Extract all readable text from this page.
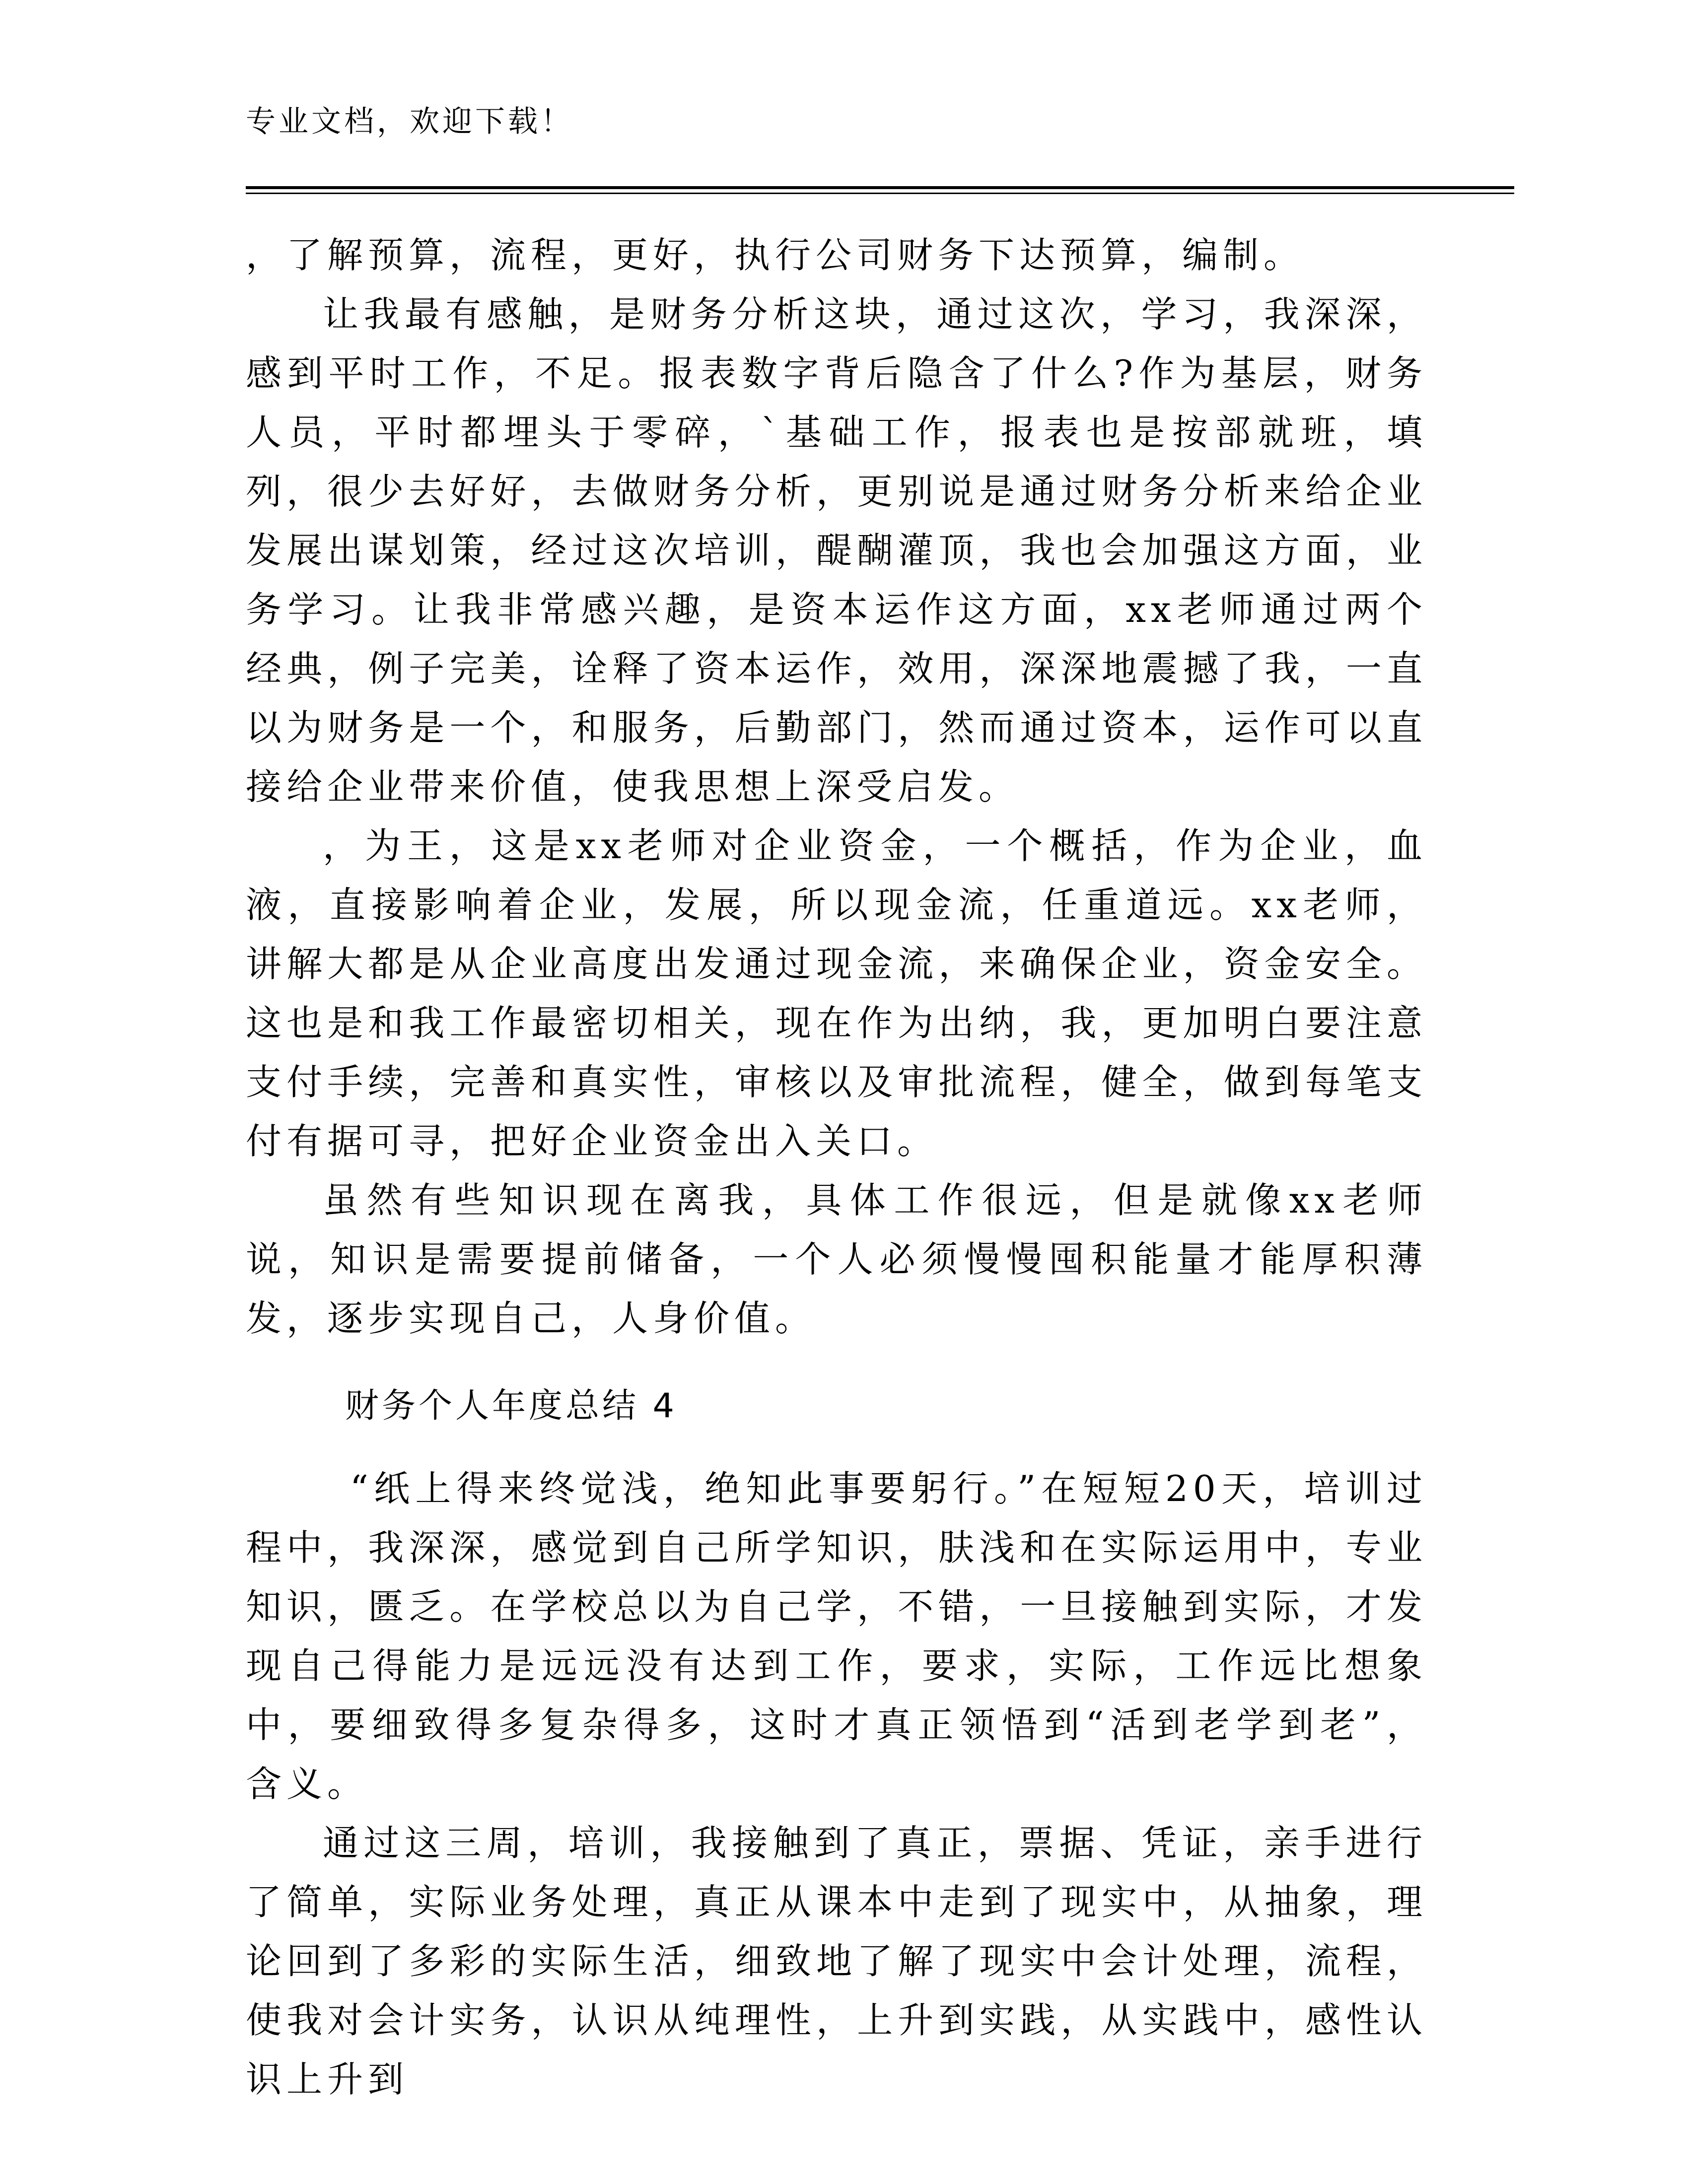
专业文档，欢迎下载！

，了解预算，流程，更好，执行公司财务下达预算，编制。

让我最有感触，是财务分析这块，通过这次，学习，我深深，感到平时工作，不足。报表数字背后隐含了什么?作为基层，财务人员，平时都埋头于零碎，`基础工作，报表也是按部就班，填列，很少去好好，去做财务分析，更别说是通过财务分析来给企业发展出谋划策，经过这次培训，醍醐灌顶，我也会加强这方面，业务学习。让我非常感兴趣，是资本运作这方面，xx老师通过两个经典，例子完美，诠释了资本运作，效用，深深地震撼了我，一直以为财务是一个，和服务，后勤部门，然而通过资本，运作可以直接给企业带来价值，使我思想上深受启发。

，为王，这是xx老师对企业资金，一个概括，作为企业，血液，直接影响着企业，发展，所以现金流，任重道远。xx老师，讲解大都是从企业高度出发通过现金流，来确保企业，资金安全。这也是和我工作最密切相关，现在作为出纳，我，更加明白要注意支付手续，完善和真实性，审核以及审批流程，健全，做到每笔支付有据可寻，把好企业资金出入关口。

虽然有些知识现在离我，具体工作很远，但是就像xx老师说，知识是需要提前储备，一个人必须慢慢囤积能量才能厚积薄发，逐步实现自己，人身价值。

财务个人年度总结 4

“纸上得来终觉浅，绝知此事要躬行。”在短短20天，培训过程中，我深深，感觉到自己所学知识，肤浅和在实际运用中，专业知识，匮乏。在学校总以为自己学，不错，一旦接触到实际，才发现自己得能力是远远没有达到工作，要求，实际，工作远比想象中，要细致得多复杂得多，这时才真正领悟到“活到老学到老”，含义。

通过这三周，培训，我接触到了真正，票据、凭证，亲手进行了简单，实际业务处理，真正从课本中走到了现实中，从抽象，理论回到了多彩的实际生活，细致地了解了现实中会计处理，流程，使我对会计实务，认识从纯理性，上升到实践，从实践中，感性认识上升到
